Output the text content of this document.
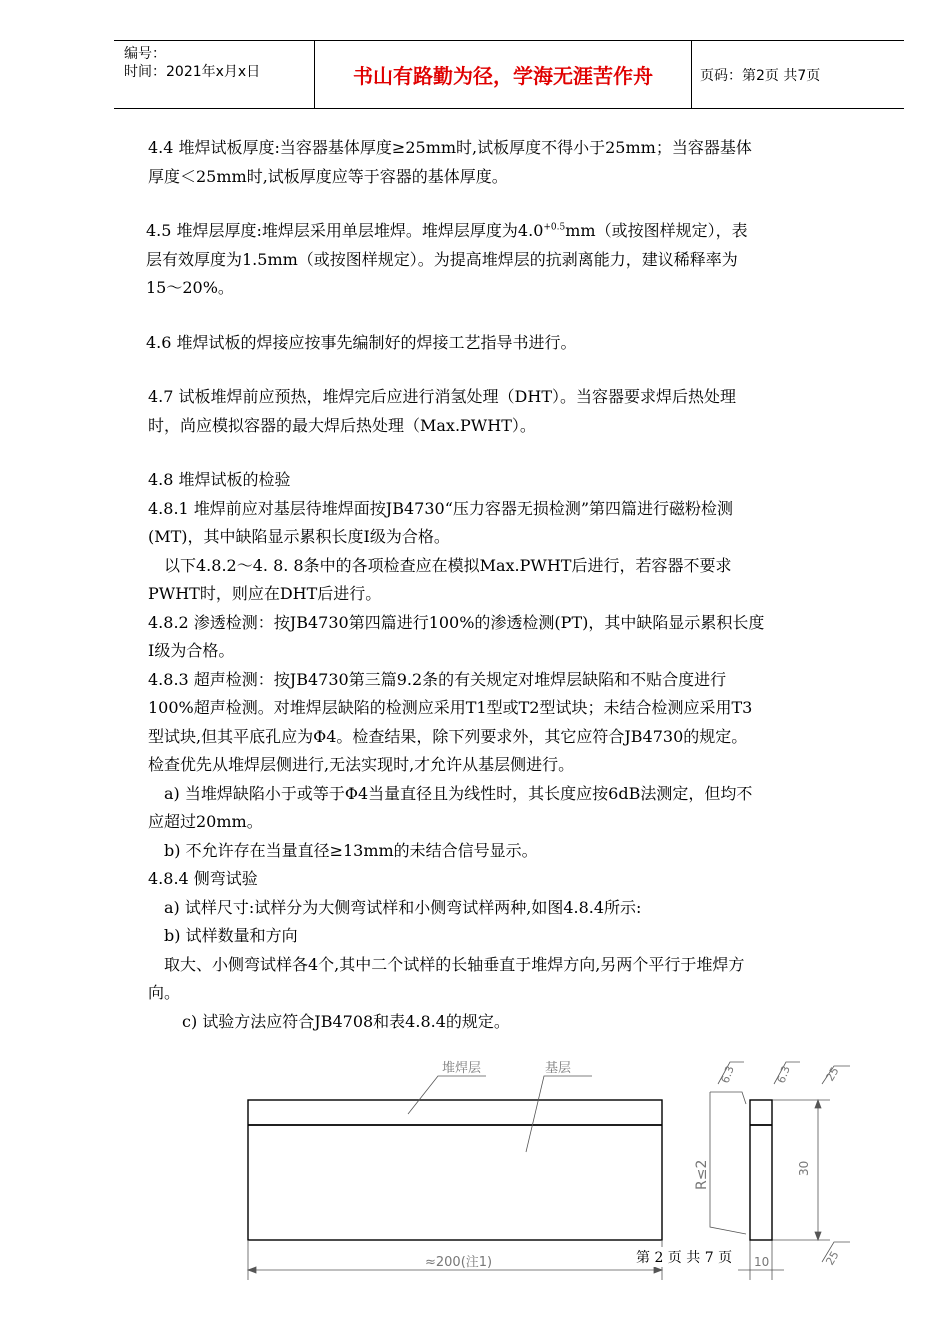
编号：
时间：2021年x月x日	书山有路勤为径，学海无涯苦作舟	页码：第2页 共7页

4.4 堆焊试板厚度:当容器基体厚度≥25mm时,试板厚度不得小于25mm；当容器基体

厚度＜25mm时,试板厚度应等于容器的基体厚度。

4.5 堆焊层厚度:堆焊层采用单层堆焊。堆焊层厚度为$4.0^{+0.5}mm$（或按图样规定），表

层有效厚度为1.5mm（或按图样规定）。为提高堆焊层的抗剥离能力，建议稀释率为

15～20%。

4.6 堆焊试板的焊接应按事先编制好的焊接工艺指导书进行。

4.7 试板堆焊前应预热，堆焊完后应进行消氢处理（DHT）。当容器要求焊后热处理

时，尚应模拟容器的最大焊后热处理（Max.PWHT）。

4.8 堆焊试板的检验

4.8.1 堆焊前应对基层待堆焊面按JB4730“压力容器无损检测”第四篇进行磁粉检测

(MT)，其中缺陷显示累积长度Ⅰ级为合格。

以下4.8.2～4. 8. 8条中的各项检查应在模拟Max.PWHT后进行，若容器不要求

PWHT时，则应在DHT后进行。

4.8.2 渗透检测：按JB4730第四篇进行100%的渗透检测(PT)，其中缺陷显示累积长度

Ⅰ级为合格。

4.8.3 超声检测：按JB4730第三篇9.2条的有关规定对堆焊层缺陷和不贴合度进行

100%超声检测。对堆焊层缺陷的检测应采用T1型或T2型试块；未结合检测应采用T3

型试块,但其平底孔应为Φ4。检查结果，除下列要求外，其它应符合JB4730的规定。

检查优先从堆焊层侧进行,无法实现时,才允许从基层侧进行。

a) 当堆焊缺陷小于或等于Φ4当量直径且为线性时，其长度应按6dB法测定，但均不

应超过20mm。

b) 不允许存在当量直径≥13mm的未结合信号显示。

4.8.4 侧弯试验

a) 试样尺寸:试样分为大侧弯试样和小侧弯试样两种,如图4.8.4所示:

b) 试样数量和方向

取大、小侧弯试样各4个,其中二个试样的长轴垂直于堆焊方向,另两个平行于堆焊方

向。

c) 试验方法应符合JB4708和表4.8.4的规定。

堆焊层	基层
≈200(注1)	10
30
R≤2
6.3	6.3	25
25
第 2 页 共 7 页
